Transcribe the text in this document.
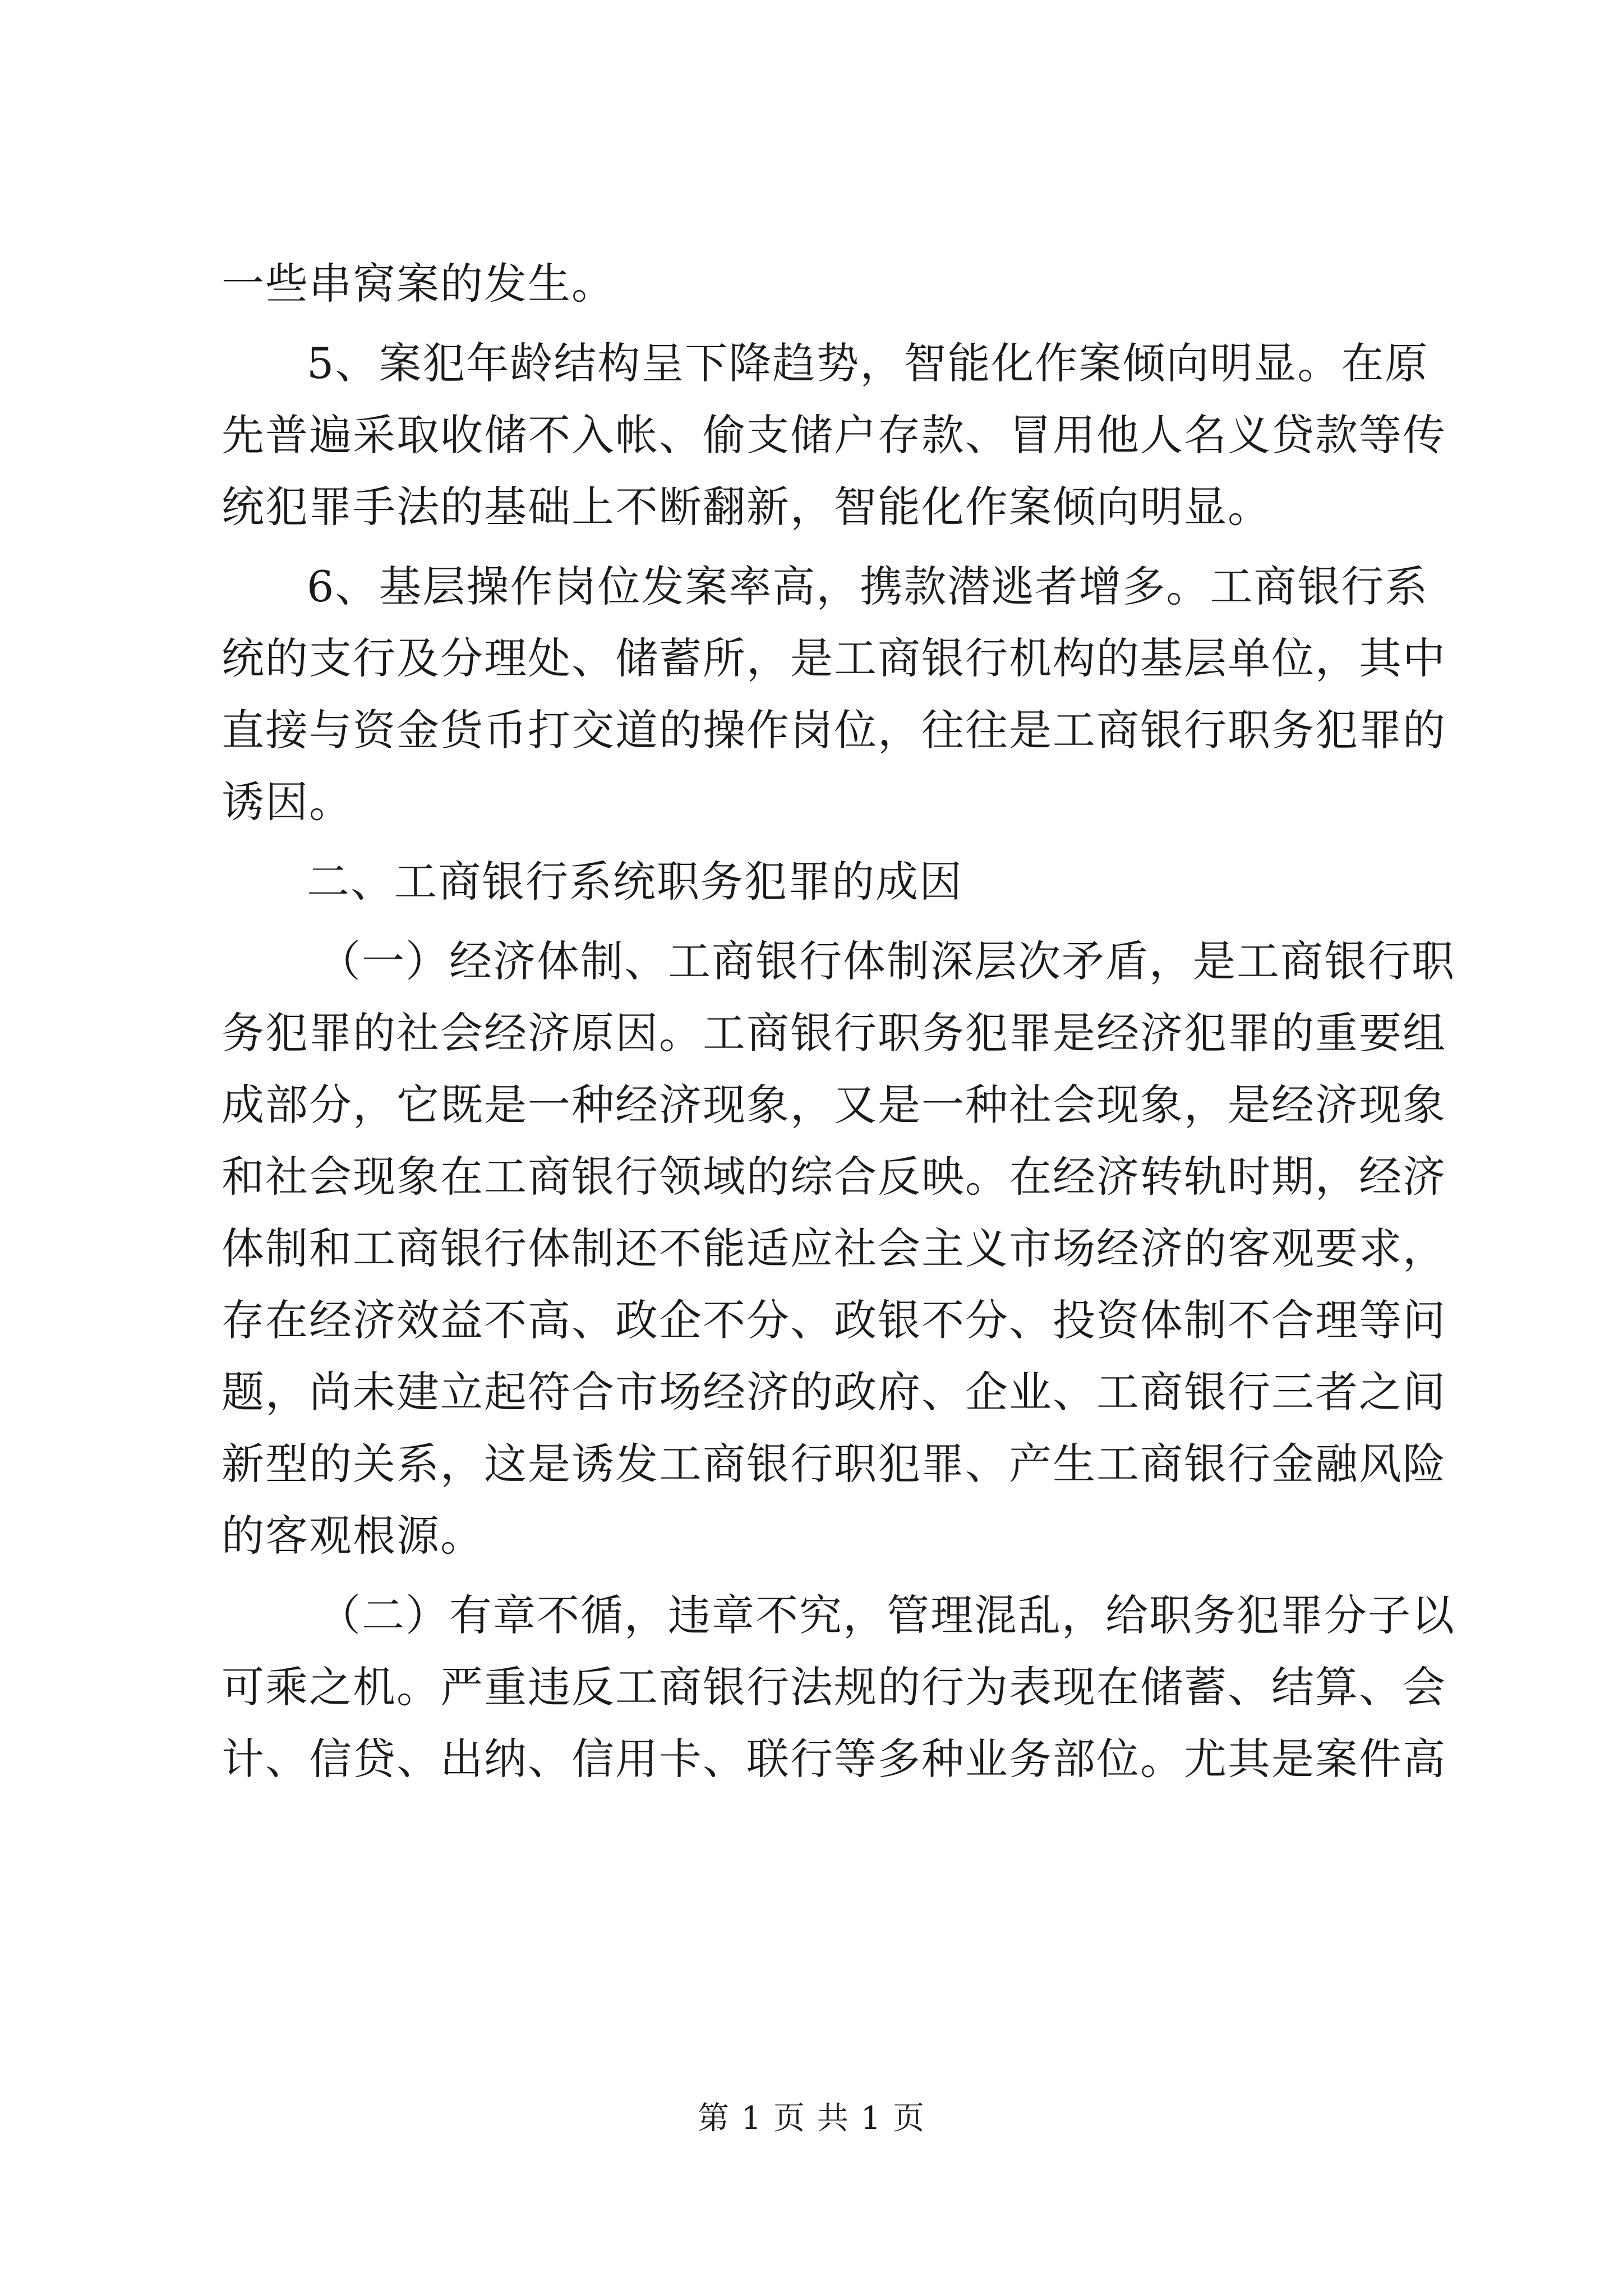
一些串窝案的发生。
5、案犯年龄结构呈下降趋势，智能化作案倾向明显。在原
先普遍采取收储不入帐、偷支储户存款、冒用他人名义贷款等传
统犯罪手法的基础上不断翻新，智能化作案倾向明显。
6、基层操作岗位发案率高，携款潜逃者增多。工商银行系
统的支行及分理处、储蓄所，是工商银行机构的基层单位，其中
直接与资金货币打交道的操作岗位，往往是工商银行职务犯罪的
诱因。
二、工商银行系统职务犯罪的成因
（一）经济体制、工商银行体制深层次矛盾，是工商银行职
务犯罪的社会经济原因。工商银行职务犯罪是经济犯罪的重要组
成部分，它既是一种经济现象，又是一种社会现象，是经济现象
和社会现象在工商银行领域的综合反映。在经济转轨时期，经济
体制和工商银行体制还不能适应社会主义市场经济的客观要求，
存在经济效益不高、政企不分、政银不分、投资体制不合理等问
题，尚未建立起符合市场经济的政府、企业、工商银行三者之间
新型的关系，这是诱发工商银行职犯罪、产生工商银行金融风险
的客观根源。
（二）有章不循，违章不究，管理混乱，给职务犯罪分子以
可乘之机。严重违反工商银行法规的行为表现在储蓄、结算、会
计、信贷、出纳、信用卡、联行等多种业务部位。尤其是案件高
第 1 页 共 1 页
